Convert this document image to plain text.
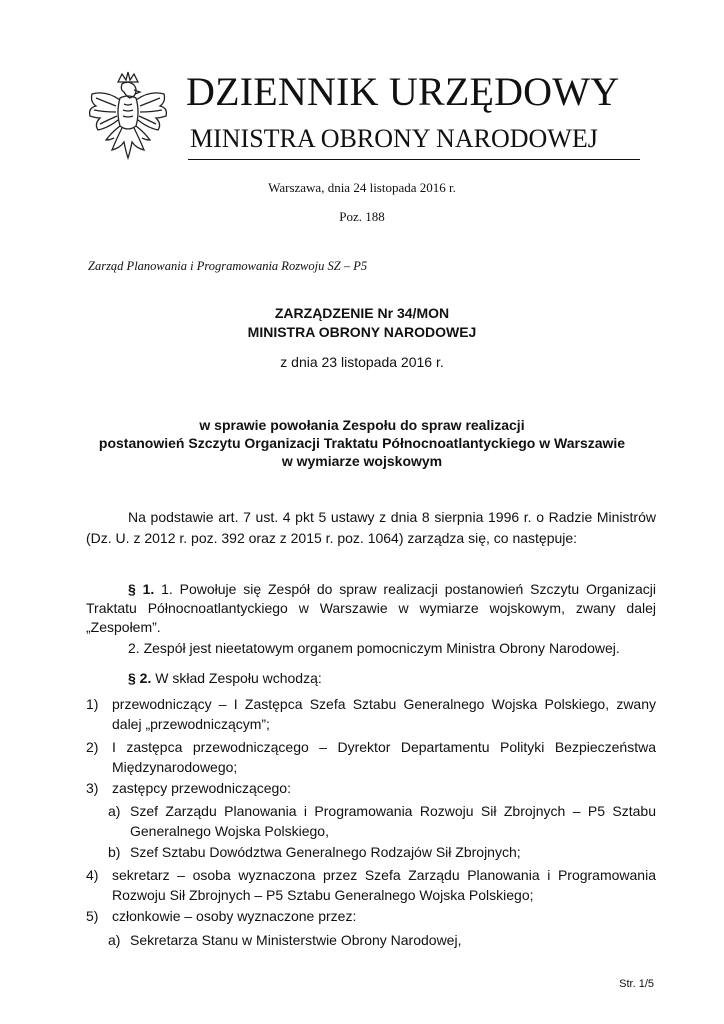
DZIENNIK URZĘDOWY
MINISTRA OBRONY NARODOWEJ
Warszawa, dnia 24 listopada 2016 r.
Poz. 188
Zarząd Planowania i Programowania Rozwoju SZ – P5
ZARZĄDZENIE Nr 34/MON
MINISTRA OBRONY NARODOWEJ
z dnia 23 listopada 2016 r.
w sprawie powołania Zespołu do spraw realizacji
postanowień Szczytu Organizacji Traktatu Północnoatlantyckiego w Warszawie
w wymiarze wojskowym
Na podstawie art. 7 ust. 4 pkt 5 ustawy z dnia 8 sierpnia 1996 r. o Radzie Ministrów (Dz. U. z 2012 r. poz. 392 oraz z 2015 r. poz. 1064) zarządza się, co następuje:
§ 1. 1. Powołuje się Zespół do spraw realizacji postanowień Szczytu Organizacji Traktatu Północnoatlantyckiego w Warszawie w wymiarze wojskowym, zwany dalej „Zespołem”.
2. Zespół jest nieetatowym organem pomocniczym Ministra Obrony Narodowej.
§ 2. W skład Zespołu wchodzą:
1) przewodniczący – I Zastępca Szefa Sztabu Generalnego Wojska Polskiego, zwany dalej „przewodniczącym”;
2) I zastępca przewodniczącego – Dyrektor Departamentu Polityki Bezpieczeństwa Międzynarodowego;
3) zastępcy przewodniczącego:
a) Szef Zarządu Planowania i Programowania Rozwoju Sił Zbrojnych – P5 Sztabu Generalnego Wojska Polskiego,
b) Szef Sztabu Dowództwa Generalnego Rodzajów Sił Zbrojnych;
4) sekretarz – osoba wyznaczona przez Szefa Zarządu Planowania i Programowania Rozwoju Sił Zbrojnych – P5 Sztabu Generalnego Wojska Polskiego;
5) członkowie – osoby wyznaczone przez:
a) Sekretarza Stanu w Ministerstwie Obrony Narodowej,
Str. 1/5
